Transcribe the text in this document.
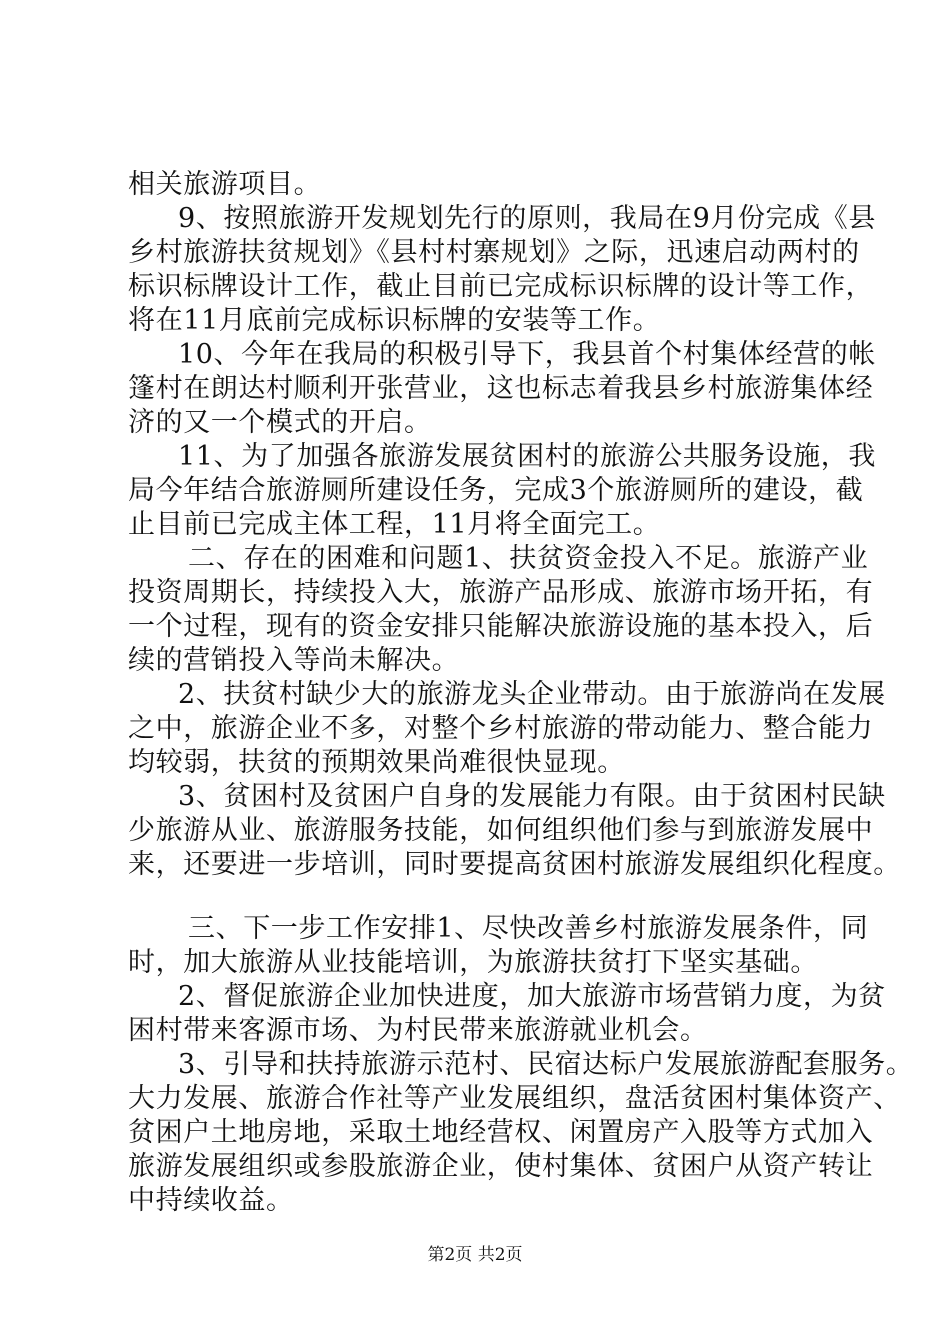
相关旅游项目。
9、按照旅游开发规划先行的原则，我局在9月份完成《县
乡村旅游扶贫规划》《县村村寨规划》之际，迅速启动两村的
标识标牌设计工作，截止目前已完成标识标牌的设计等工作，
将在11月底前完成标识标牌的安装等工作。
10、今年在我局的积极引导下，我县首个村集体经营的帐
篷村在朗达村顺利开张营业，这也标志着我县乡村旅游集体经
济的又一个模式的开启。
11、为了加强各旅游发展贫困村的旅游公共服务设施，我
局今年结合旅游厕所建设任务，完成3个旅游厕所的建设，截
止目前已完成主体工程，11月将全面完工。
二、存在的困难和问题1、扶贫资金投入不足。旅游产业
投资周期长，持续投入大，旅游产品形成、旅游市场开拓，有
一个过程，现有的资金安排只能解决旅游设施的基本投入，后
续的营销投入等尚未解决。
2、扶贫村缺少大的旅游龙头企业带动。由于旅游尚在发展
之中，旅游企业不多，对整个乡村旅游的带动能力、整合能力
均较弱，扶贫的预期效果尚难很快显现。
3、贫困村及贫困户自身的发展能力有限。由于贫困村民缺
少旅游从业、旅游服务技能，如何组织他们参与到旅游发展中
来，还要进一步培训，同时要提高贫困村旅游发展组织化程度。
三、下一步工作安排1、尽快改善乡村旅游发展条件，同
时，加大旅游从业技能培训，为旅游扶贫打下坚实基础。
2、督促旅游企业加快进度，加大旅游市场营销力度，为贫
困村带来客源市场、为村民带来旅游就业机会。
3、引导和扶持旅游示范村、民宿达标户发展旅游配套服务。
大力发展、旅游合作社等产业发展组织，盘活贫困村集体资产、
贫困户土地房地，采取土地经营权、闲置房产入股等方式加入
旅游发展组织或参股旅游企业，使村集体、贫困户从资产转让
中持续收益。
第2页 共2页
